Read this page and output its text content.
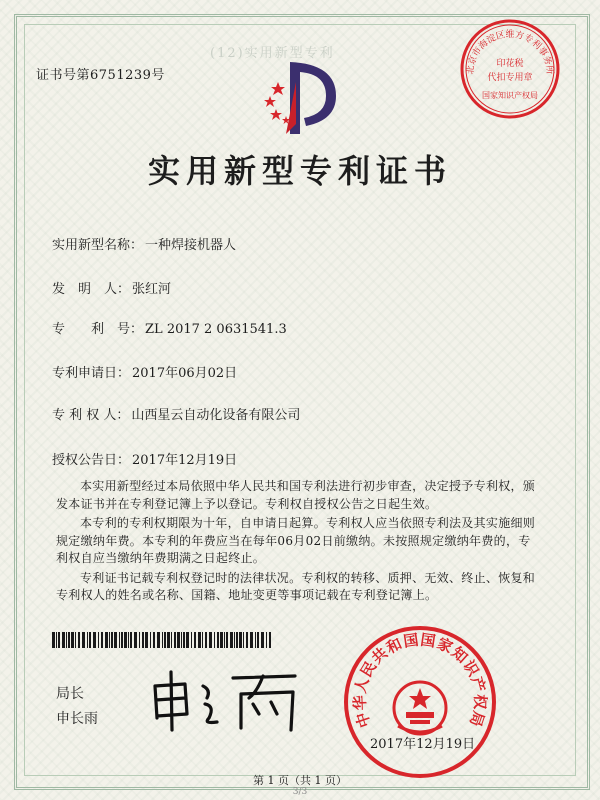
(12)实用新型专利
证书号第6751239号	北京市海淀区维方专利事务所
印花税
代扣专用章
国家知识产权局
实用新型专利证书
实用新型名称： 一种焊接机器人
发　明　人： 张红河
专　　利　号： ZL 2017 2 0631541.3
专利申请日： 2017年06月02日
专 利 权 人： 山西星云自动化设备有限公司
授权公告日： 2017年12月19日

本实用新型经过本局依照中华人民共和国专利法进行初步审查，决定授予专利权，颁发本证书并在专利登记簿上予以登记。专利权自授权公告之日起生效。

本专利的专利权期限为十年，自申请日起算。专利权人应当依照专利法及其实施细则规定缴纳年费。本专利的年费应当在每年06月02日前缴纳。未按照规定缴纳年费的，专利权自应当缴纳年费期满之日起终止。

专利证书记载专利权登记时的法律状况。专利权的转移、质押、无效、终止、恢复和专利权人的姓名或名称、国籍、地址变更等事项记载在专利登记簿上。

局长
申长雨	中华人民共和国国家知识产权局
2017年12月19日
第 1 页（共 1 页）
3/3
